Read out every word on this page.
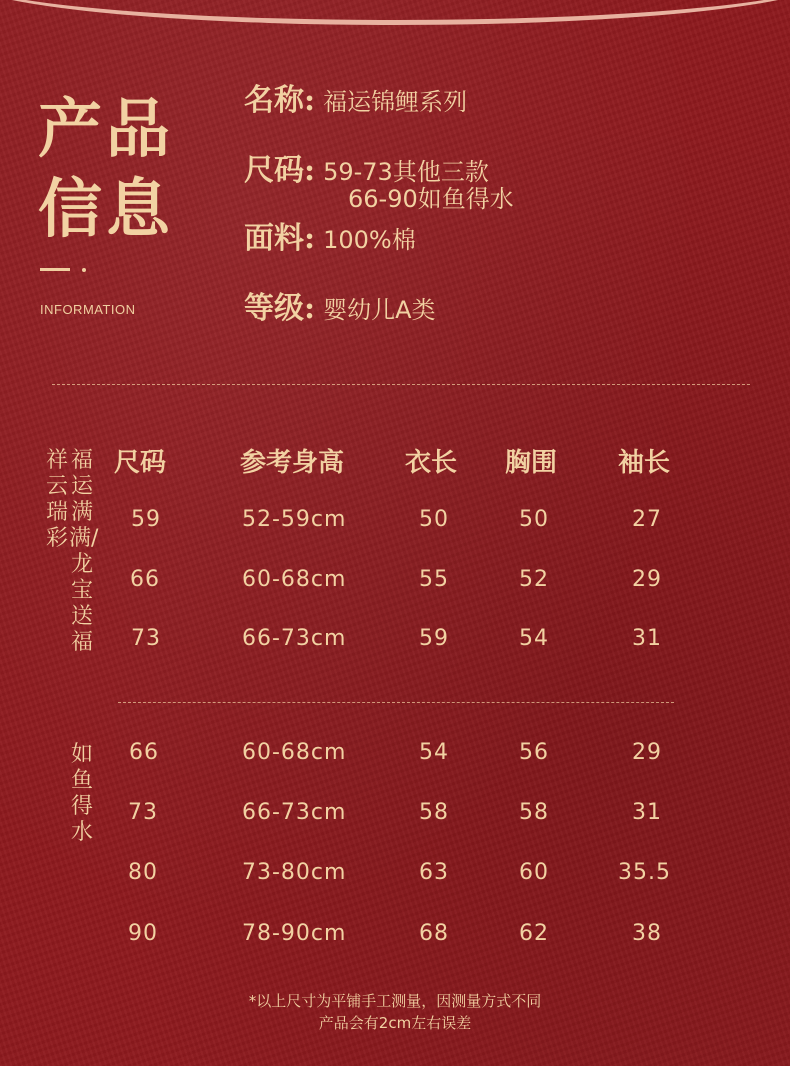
产品
信息
INFORMATION
名称: 福运锦鲤系列
尺码: 59-73其他三款
66-90如鱼得水
面料: 100%棉
等级: 婴幼儿A类
尺码	参考身高 衣长 胸围 袖长
祥云瑞彩
福运满满/龙宝送福
59	52-59cm	50	50	27
66	60-68cm	55	52	29
73	66-73cm	59	54	31
如鱼得水
66	60-68cm	54	56	29
73	66-73cm	58	58	31
80	73-80cm	63	60	35.5
90	78-90cm	68	62	38
*以上尺寸为平铺手工测量，因测量方式不同
产品会有2cm左右误差
